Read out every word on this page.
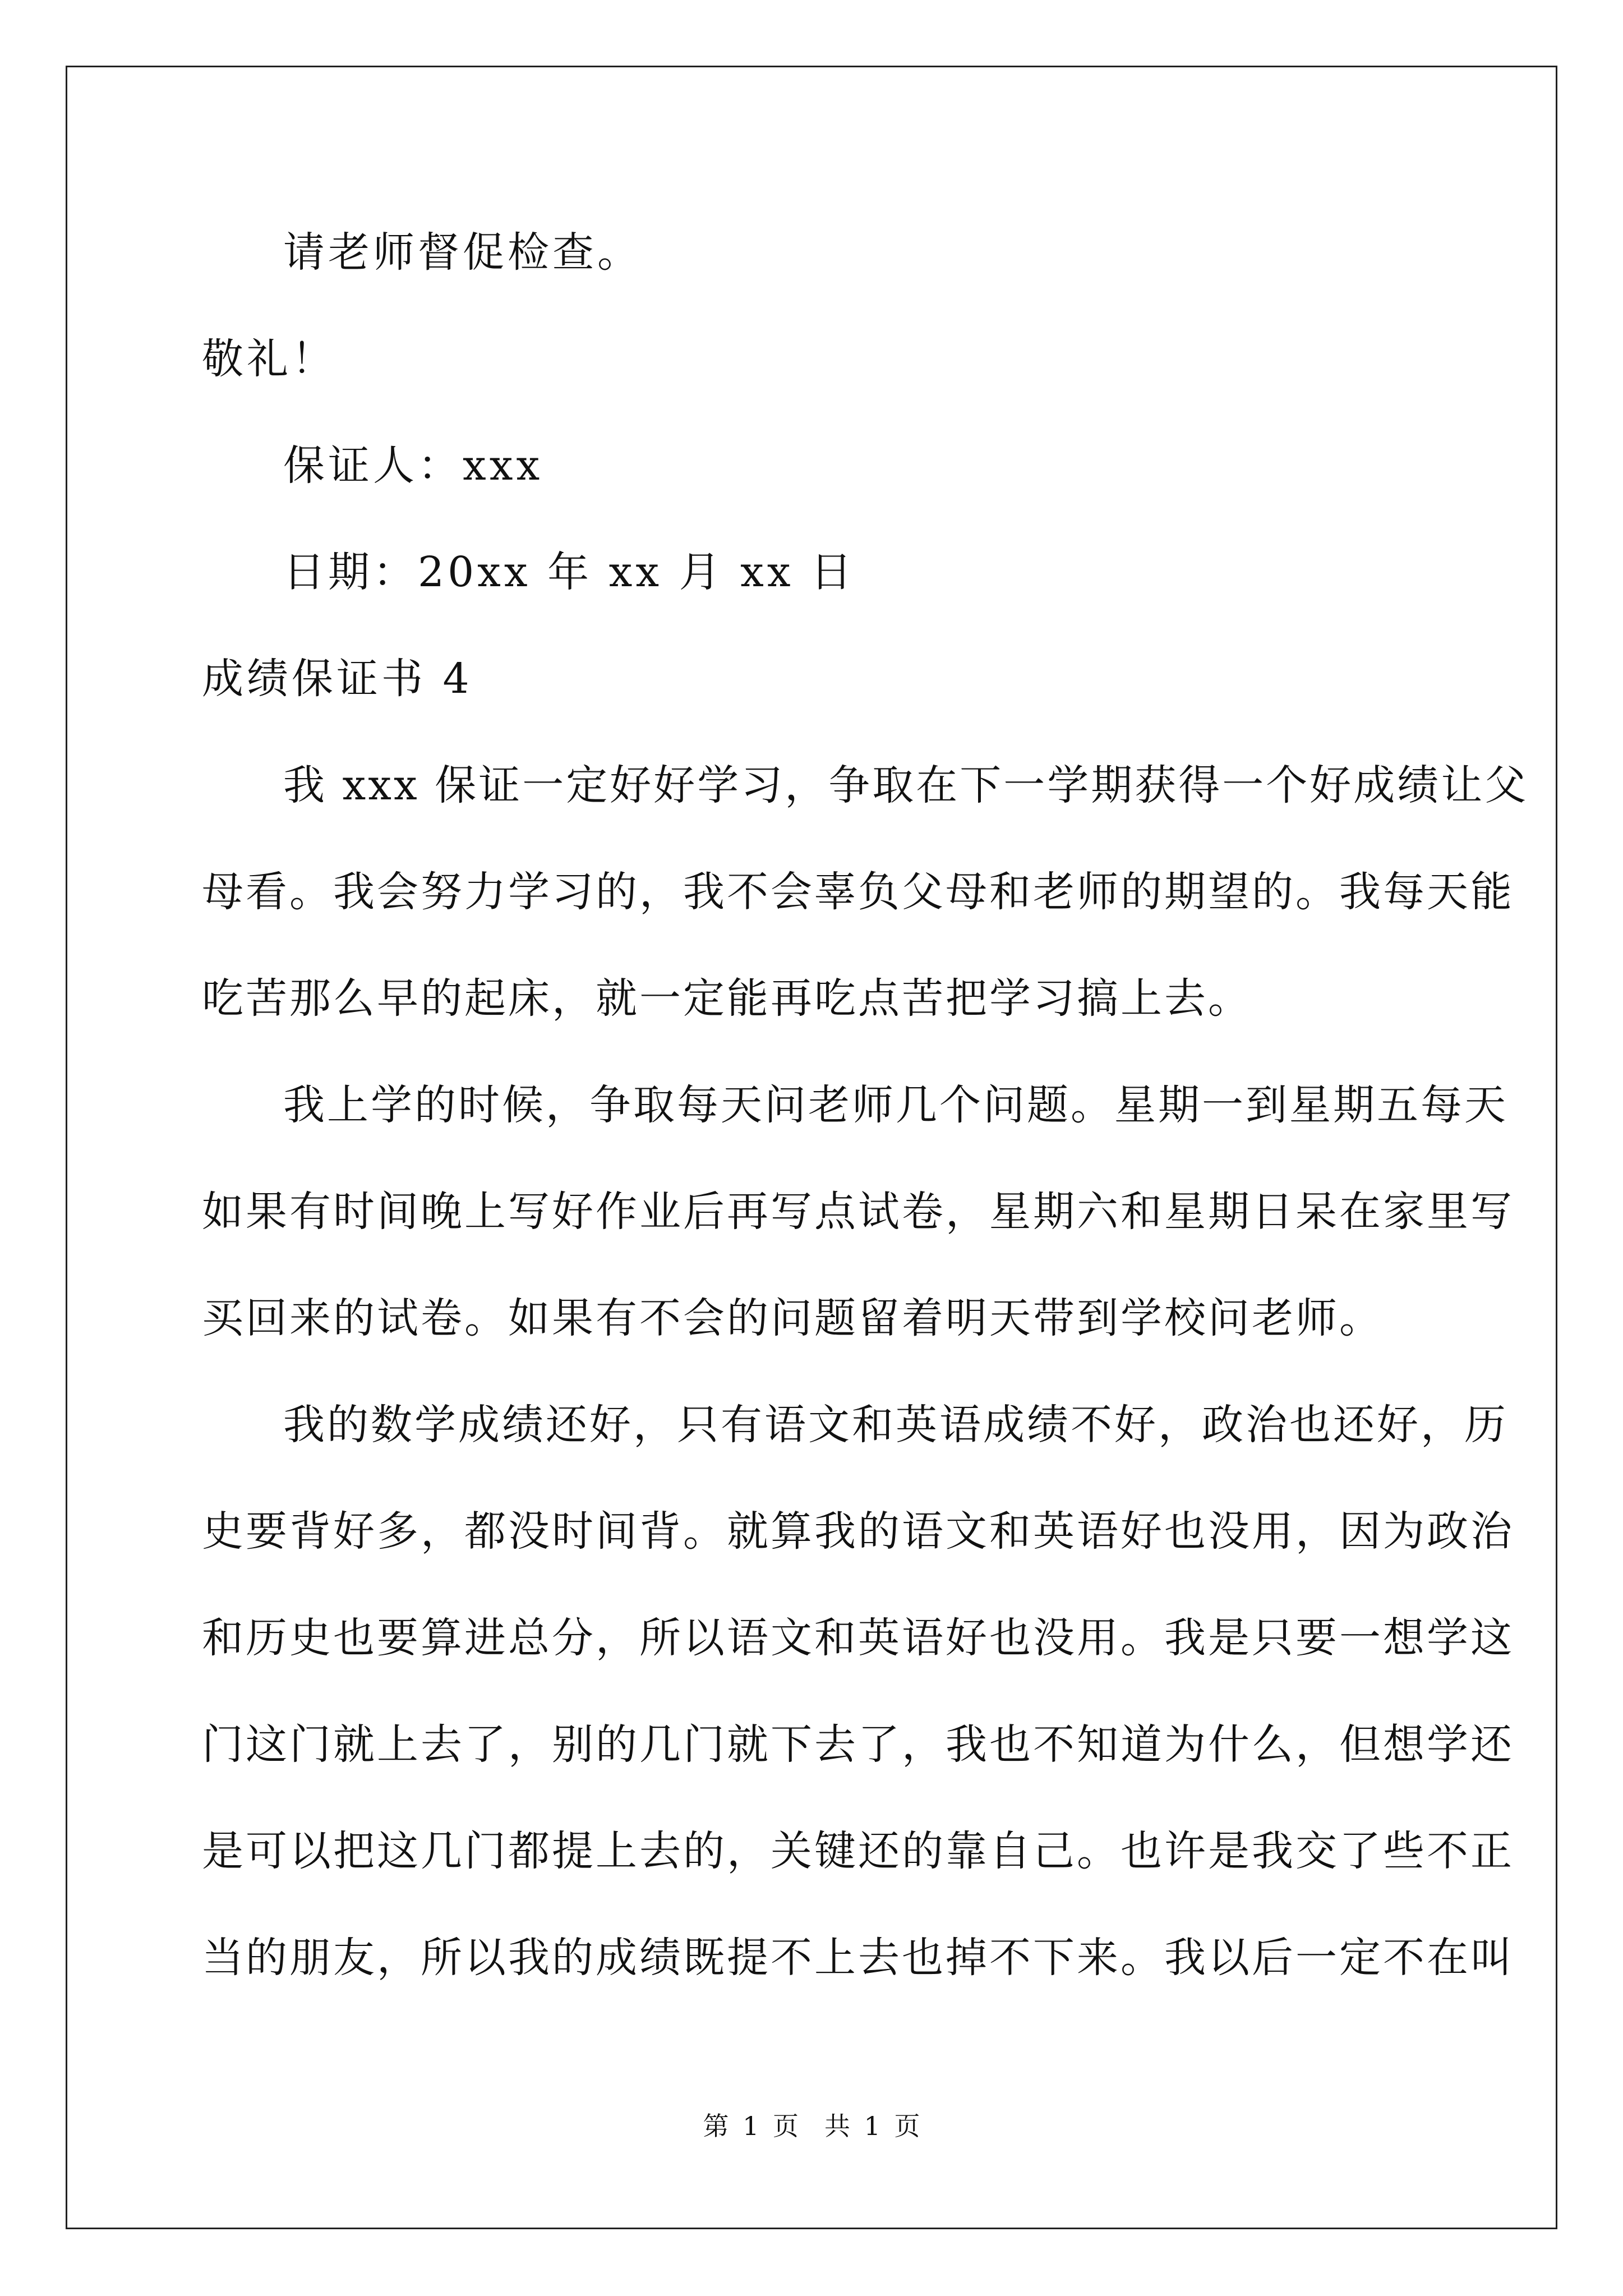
请老师督促检查。
敬礼！
保证人：xxx
日期：20xx 年 xx 月 xx 日
成绩保证书 4
我 xxx 保证一定好好学习，争取在下一学期获得一个好成绩让父
母看。我会努力学习的，我不会辜负父母和老师的期望的。我每天能
吃苦那么早的起床，就一定能再吃点苦把学习搞上去。
我上学的时候，争取每天问老师几个问题。星期一到星期五每天
如果有时间晚上写好作业后再写点试卷，星期六和星期日呆在家里写
买回来的试卷。如果有不会的问题留着明天带到学校问老师。
我的数学成绩还好，只有语文和英语成绩不好，政治也还好，历
史要背好多，都没时间背。就算我的语文和英语好也没用，因为政治
和历史也要算进总分，所以语文和英语好也没用。我是只要一想学这
门这门就上去了，别的几门就下去了，我也不知道为什么，但想学还
是可以把这几门都提上去的，关键还的靠自己。也许是我交了些不正
当的朋友，所以我的成绩既提不上去也掉不下来。我以后一定不在叫
第 1 页　共 1 页
